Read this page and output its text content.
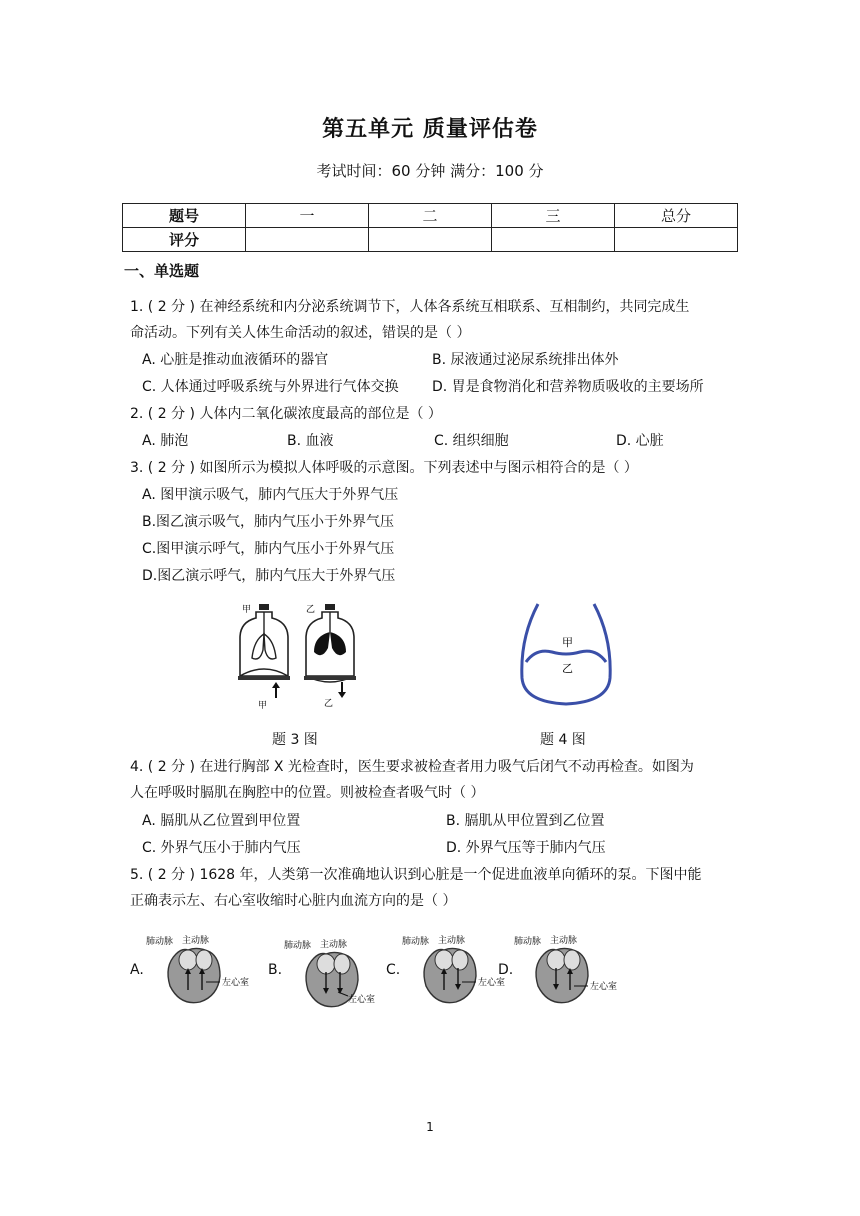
第五单元 质量评估卷
考试时间：60 分钟 满分：100 分
题号	一	二	三	总分
评分				
一、单选题
1. ( 2 分 ) 在神经系统和内分泌系统调节下，人体各系统互相联系、互相制约，共同完成生
命活动。下列有关人体生命活动的叙述，错误的是（ ）
A. 心脏是推动血液循环的器官	B. 尿液通过泌尿系统排出体外
C. 人体通过呼吸系统与外界进行气体交换 D. 胃是食物消化和营养物质吸收的主要场所
2. ( 2 分 ) 人体内二氧化碳浓度最高的部位是（ ）
A. 肺泡	B. 血液	C. 组织细胞	D. 心脏
3. ( 2 分 ) 如图所示为模拟人体呼吸的示意图。下列表述中与图示相符合的是（ ）
A. 图甲演示吸气，肺内气压大于外界气压
B.图乙演示吸气，肺内气压小于外界气压
C.图甲演示呼气，肺内气压小于外界气压
D.图乙演示呼气，肺内气压大于外界气压
甲
甲
乙
乙
题 3 图
甲
乙
题 4 图
4. ( 2 分 ) 在进行胸部 X 光检查时，医生要求被检查者用力吸气后闭气不动再检查。如图为
人在呼吸时膈肌在胸腔中的位置。则被检查者吸气时（ ）
A. 膈肌从乙位置到甲位置	B. 膈肌从甲位置到乙位置
C. 外界气压小于肺内气压	D. 外界气压等于肺内气压
5. ( 2 分 ) 1628 年，人类第一次准确地认识到心脏是一个促进血液单向循环的泵。下图中能
正确表示左、右心室收缩时心脏内血流方向的是（ ）
A.
肺动脉 主动脉
左心室
B.
肺动脉 主动脉
左心室
C.
肺动脉 主动脉
左心室
D.
肺动脉 主动脉
左心室
1
